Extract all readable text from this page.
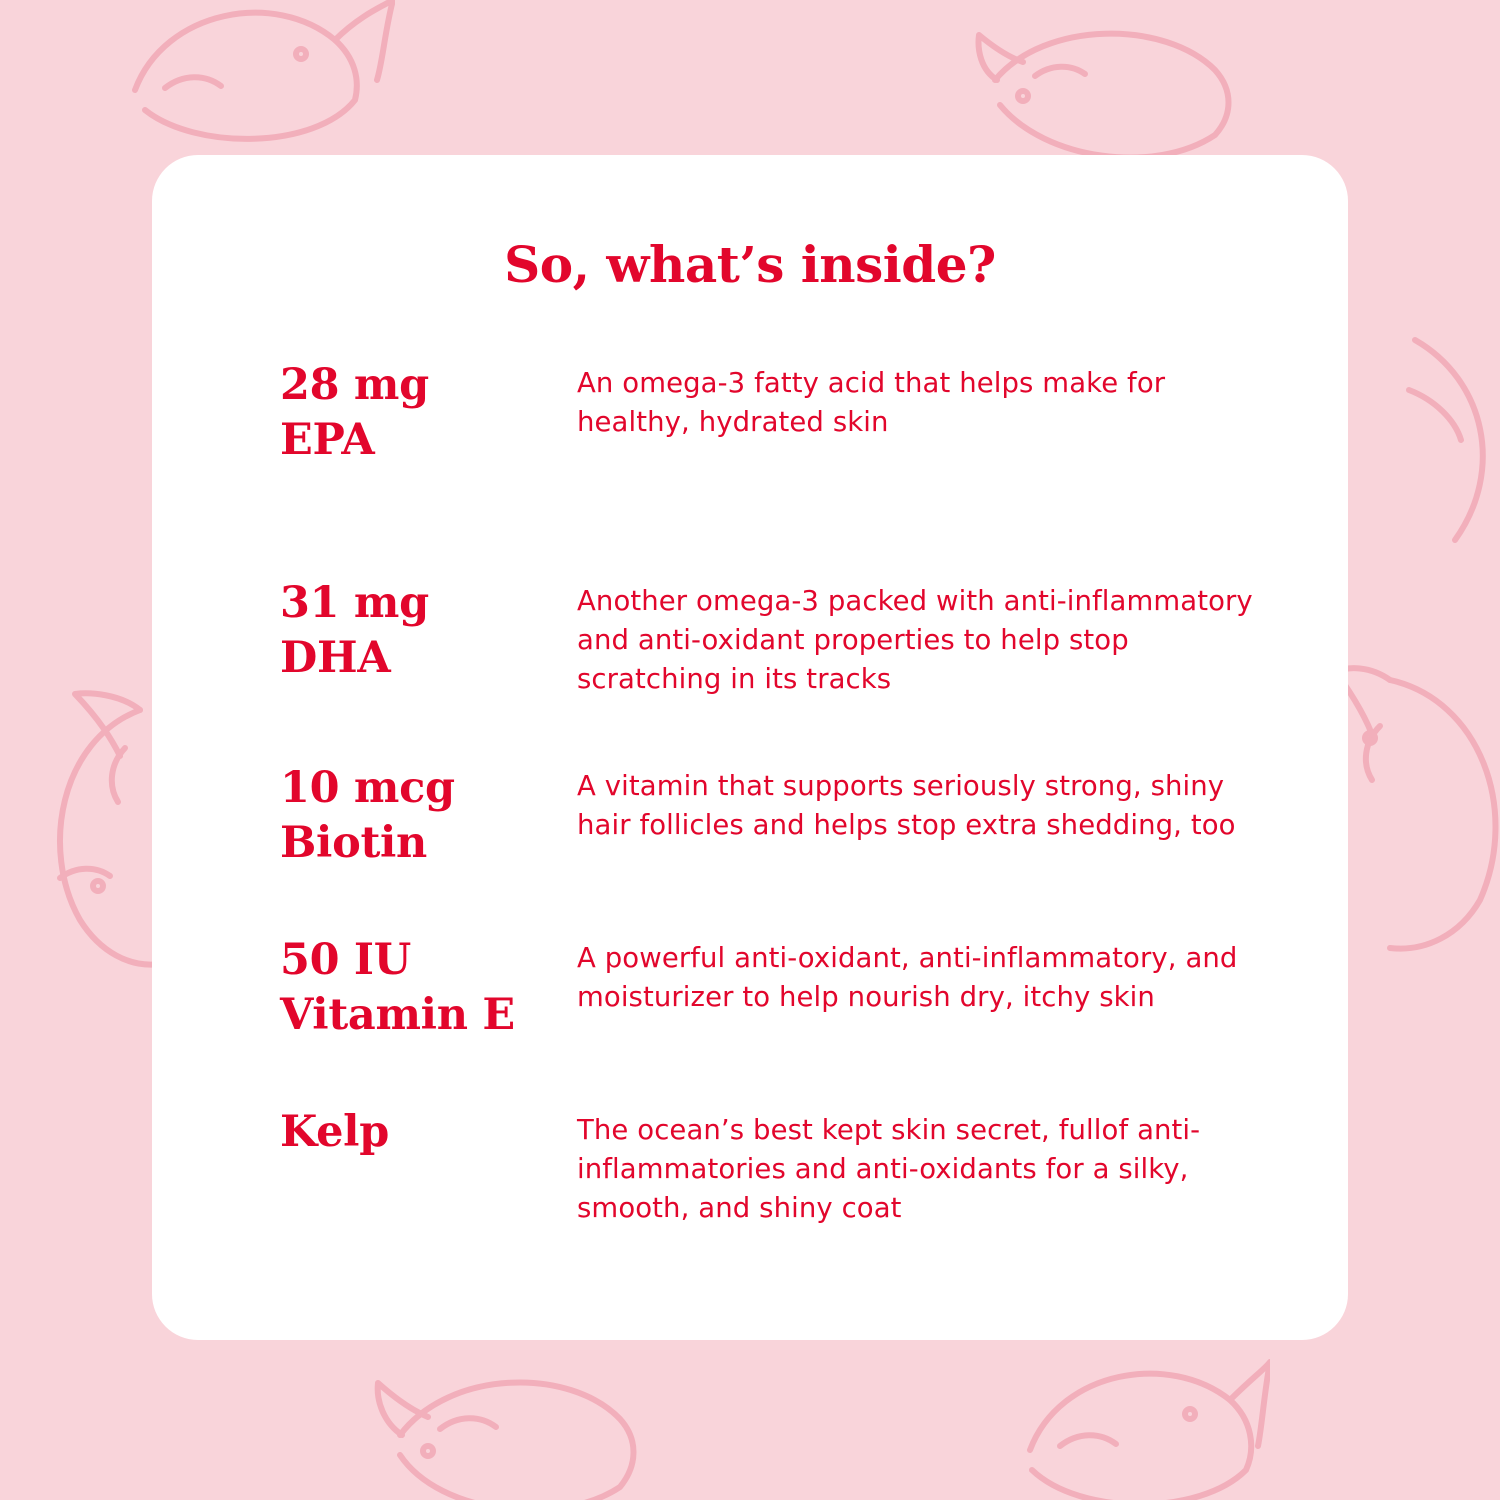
So, what’s inside?
28 mg
EPA
An omega-3 fatty acid that helps make for healthy, hydrated skin
31 mg
DHA
Another omega-3 packed with anti-inflammatory and anti-oxidant properties to help stop scratching in its tracks
10 mcg
Biotin
A vitamin that supports seriously strong, shiny hair follicles and helps stop extra shedding, too
50 IU
Vitamin E
A powerful anti-oxidant, anti-inflammatory, and moisturizer to help nourish dry, itchy skin
Kelp	The ocean’s best kept skin secret, fullof anti-inflammatories and anti-oxidants for a silky, smooth, and shiny coat
